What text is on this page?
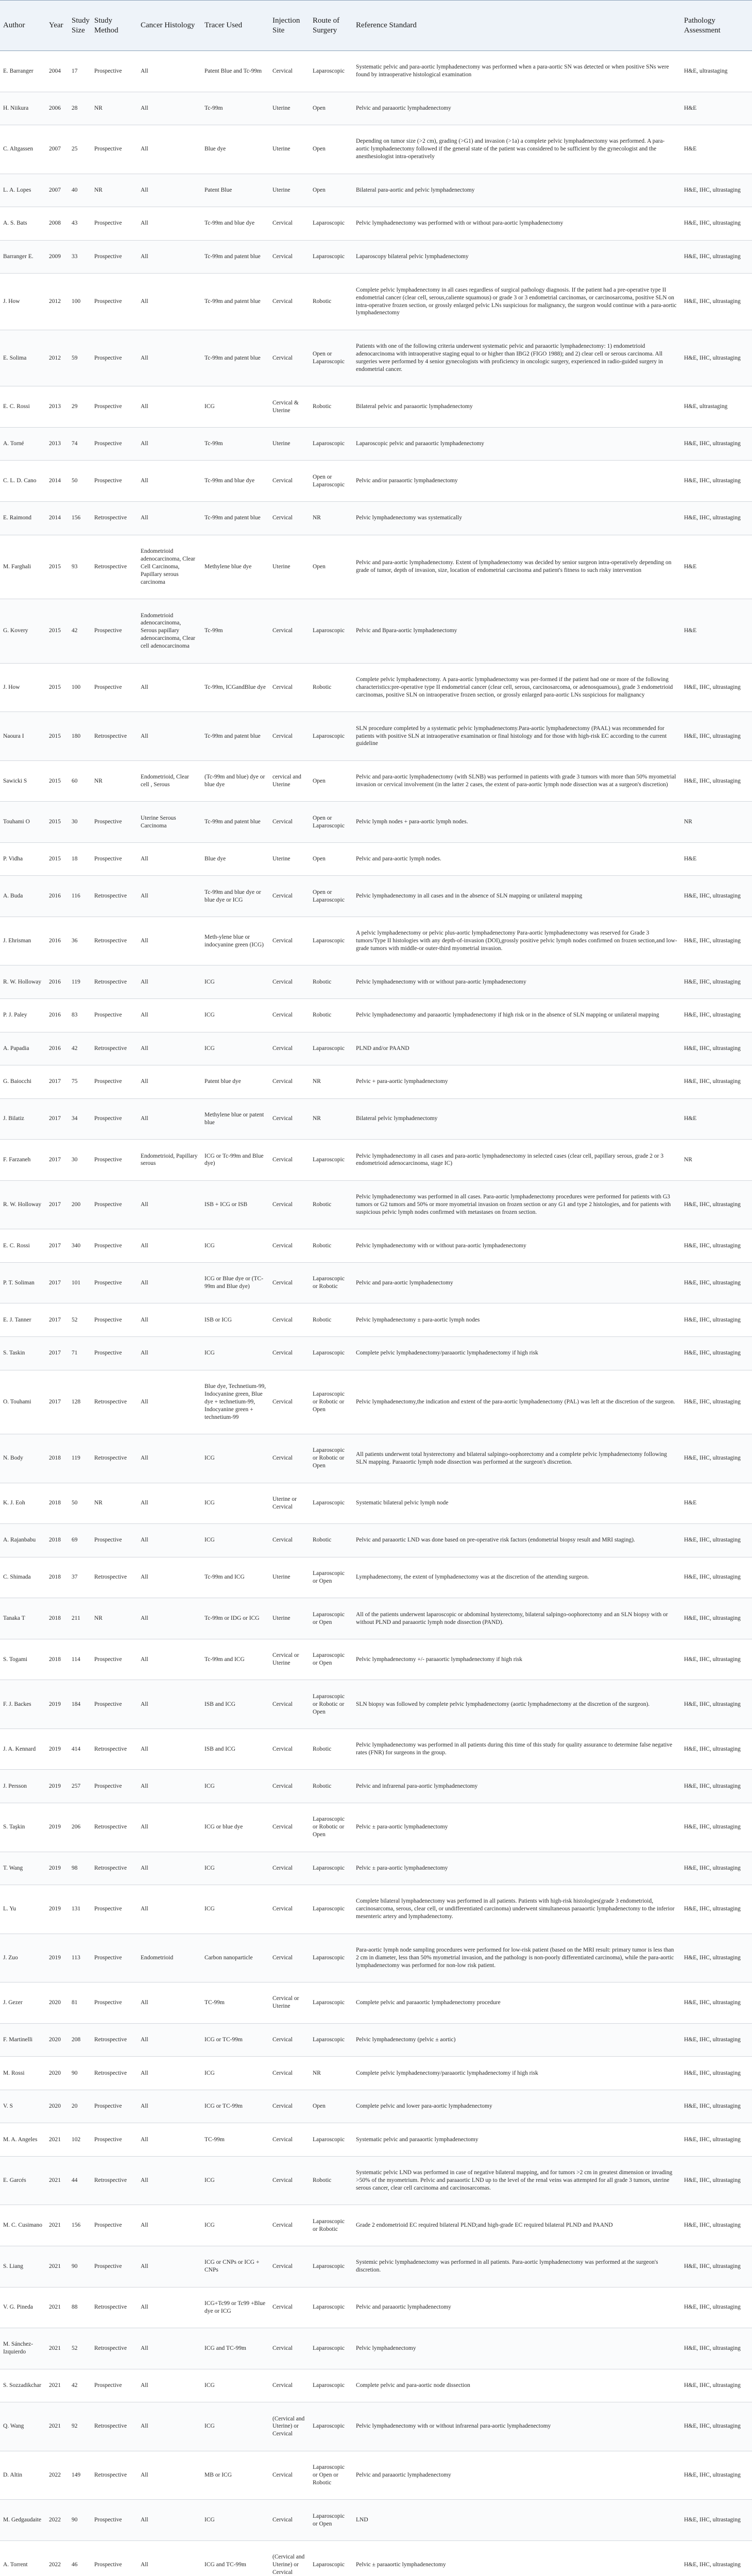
Author	Year	Study Size	Study Method	Cancer Histology	Tracer Used	Injection Site	Route of Surgery	Reference Standard	Pathology Assessment
E. Barranger	2004	17	Prospective	All	Patent Blue and Tc-99m	Cervical	Laparoscopic	Systematic pelvic and para-aortic lymphadenectomy was performed when a para-aortic SN was detected or when positive SNs were found by intraoperative histological examination	H&E, ultrastaging
H. Niikura	2006	28	NR	All	Tc-99m	Uterine	Open	Pelvic and paraaortic lymphadenectomy	H&E
C. Altgassen	2007	25	Prospective	All	Blue dye	Uterine	Open	Depending on tumor size (>2 cm), grading (>G1) and invasion (>1a) a complete pelvic lymphadenectomy was performed. A para-aortic lymphadenectomy followed if the general state of the patient was considered to be sufficient by the gynecologist and the anesthesiologist intra-operatively	H&E
L. A. Lopes	2007	40	NR	All	Patent Blue	Uterine	Open	Bilateral para-aortic and pelvic lymphadenectomy	H&E, IHC, ultrastaging
A. S. Bats	2008	43	Prospective	All	Tc-99m and blue dye	Cervical	Laparoscopic	Pelvic lymphadenectomy was performed with or without para-aortic lymphadenectomy	H&E, IHC, ultrastaging
Barranger E.	2009	33	Prospective	All	Tc-99m and patent blue	Cervical	Laparoscopic	Laparoscopy bilateral pelvic lymphadenectomy	H&E, IHC, ultrastaging
J. How	2012	100	Prospective	All	Tc-99m and patent blue	Cervical	Robotic	Complete pelvic lymphadenectomy in all cases regardless of surgical pathology diagnosis. If the patient had a pre-operative type II endometrial cancer (clear cell, serous,caliente squamous) or grade 3 or 3 endometrial carcinomas, or carcinosarcoma, positive SLN on intra-operative frozen section, or grossly enlarged pelvic LNs suspicious for malignancy, the surgeon would continue with a para-aortic lymphadenectomy	H&E, IHC, ultrastaging
E. Solima	2012	59	Prospective	All	Tc-99m and patent blue	Cervical	Open or Laparoscopic	Patients with one of the following criteria underwent systematic pelvic and paraaortic lymphadenectomy: 1) endometrioid adenocarcinoma with intraoperative staging equal to or higher than IBG2 (FIGO 1988); and 2) clear cell or serous carcinoma. All surgeries were performed by 4 senior gynecologists with proficiency in oncologic surgery, experienced in radio-guided surgery in endometrial cancer.	H&E, IHC, ultrastaging
E. C. Rossi	2013	29	Prospective	All	ICG	Cervical & Uterine	Robotic	Bilateral pelvic and paraaortic lymphadenectomy	H&E, ultrastaging
A. Torné	2013	74	Prospective	All	Tc-99m	Uterine	Laparoscopic	Laparoscopic pelvic and paraaortic lymphadenectomy	H&E, IHC, ultrastaging
C. L. D. Cano	2014	50	Prospective	All	Tc-99m and blue dye	Cervical	Open or Laparoscopic	Pelvic and/or paraaortic lymphadenectomy	H&E, IHC, ultrastaging
E. Raimond	2014	156	Retrospective	All	Tc-99m and patent blue	Cervical	NR	Pelvic lymphadenectomy was systematically	H&E, IHC, ultrastaging
M. Farghali	2015	93	Retrospective	Endometrioid adenocarcinoma, Clear Cell Carcinoma, Papillary serous carcinoma	Methylene blue dye	Uterine	Open	Pelvic and para-aortic lymphadenectomy. Extent of lymphadenectomy was decided by senior surgeon intra-operatively depending on grade of tumor, depth of invasion, size, location of endometrial carcinoma and patient's fitness to such risky intervention	H&E
G. Kovery	2015	42	Prospective	Endometrioid adenocarcinoma, Serous papillary adenocarcinoma, Clear cell adenocarcinoma	Tc-99m	Cervical	Laparoscopic	Pelvic and Bpara-aortic lymphadenectomy	H&E
J. How	2015	100	Prospective	All	Tc-99m, ICGandBlue dye	Cervical	Robotic	Complete pelvic lymphadenectomy. A para-aortic lymphadenectomy was per-formed if the patient had one or more of the following characteristics:pre-operative type II endometrial cancer (clear cell, serous, carcinosarcoma, or adenosquamous), grade 3 endometrioid carcinomas, positive SLN on intraoperative frozen section, or grossly enlarged para-aortic LNs suspicious for malignancy	H&E, IHC, ultrastaging
Naoura I	2015	180	Retrospective	All	Tc-99m and patent blue	Cervical	Laparoscopic	SLN procedure completed by a systematic pelvic lymphadenectomy.Para-aortic lymphadenectomy (PAAL) was recommended for patients with positive SLN at intraoperative examination or final histology and for those with high-risk EC according to the current guideline	H&E, IHC, ultrastaging
Sawicki S	2015	60	NR	Endometrioid, Clear cell , Serous	(Tc-99m and blue) dye or blue dye	cervical and Uterine	Open	Pelvic and para-aortic lymphadenectomy (with SLNB) was performed in patients with grade 3 tumors with more than 50% myometrial invasion or cervical involvement (in the latter 2 cases, the extent of para-aortic lymph node dissection was at a surgeon's discretion)	H&E, IHC, ultrastaging
Touhami O	2015	30	Prospective	Uterine Serous Carcinoma	Tc-99m and patent blue	Cervical	Open or Laparoscopic	Pelvic lymph nodes + para-aortic lymph nodes.	NR
P. Vidha	2015	18	Prospective	All	Blue dye	Uterine	Open	Pelvic and para-aortic lymph nodes.	H&E
A. Buda	2016	116	Retrospective	All	Tc-99m and blue dye or blue dye or ICG	Cervical	Open or Laparoscopic	Pelvic lymphadenectomy in all cases and in the absence of SLN mapping or unilateral mapping	H&E, IHC, ultrastaging
J. Ehrisman	2016	36	Retrospective	All	Meth-ylene blue or indocyanine green (ICG)	Cervical	Laparoscopic	A pelvic lymphadenectomy or pelvic plus-aortic lymphadenectomy Para-aortic lymphadenectomy was reserved for Grade 3 tumors/Type II histologies with any depth-of-invasion (DOI),grossly positive pelvic lymph nodes confirmed on frozen section,and low-grade tumors with middle-or outer-third myometrial invasion.	H&E, IHC, ultrastaging
R. W. Holloway	2016	119	Retrospective	All	ICG	Cervical	Robotic	Pelvic lymphadenectomy with or without para-aortic lymphadenectomy	H&E, IHC, ultrastaging
P. J. Paley	2016	83	Prospective	All	ICG	Cervical	Robotic	Pelvic lymphadenectomy and paraaortic lymphadenectomy if high risk or in the absence of SLN mapping or unilateral mapping	H&E, IHC, ultrastaging
A. Papadia	2016	42	Retrospective	All	ICG	Cervical	Laparoscopic	PLND and/or PAAND	H&E, IHC, ultrastaging
G. Baiocchi	2017	75	Prospective	All	Patent blue dye	Cervical	NR	Pelvic + para-aortic lymphadenectomy	H&E, IHC, ultrastaging
J. Bilatiz	2017	34	Prospective	All	Methylene blue or patent blue	Cervical	NR	Bilateral pelvic lymphadenectomy	H&E
F. Farzaneh	2017	30	Prospective	Endometrioid, Papillary serous	ICG or Tc-99m and Blue dye)	Cervical	Laparoscopic	Pelvic lymphadenectomy in all cases and para-aortic lymphadenectomy in selected cases (clear cell, papillary serous, grade 2 or 3 endometrioid adenocarcinoma, stage IC)	NR
R. W. Holloway	2017	200	Prospective	All	ISB + ICG or ISB	Cervical	Robotic	Pelvic lymphadenectomy was performed in all cases. Para-aortic lymphadenectomy procedures were performed for patients with G3 tumors or G2 tumors and 50% or more myometrial invasion on frozen section or any G1 and type 2 histologies, and for patients with suspicious pelvic lymph nodes confirmed with metastases on frozen section.	H&E, IHC, ultrastaging
E. C. Rossi	2017	340	Prospective	All	ICG	Cervical	Robotic	Pelvic lymphadenectomy with or without para-aortic lymphadenectomy	H&E, IHC, ultrastaging
P. T. Soliman	2017	101	Prospective	All	ICG or Blue dye or (TC-99m and Blue dye)	Cervical	Laparoscopic or Robotic	Pelvic and para-aortic lymphadenectomy	H&E, IHC, ultrastaging
E. J. Tanner	2017	52	Prospective	All	ISB or ICG	Cervical	Robotic	Pelvic lymphadenectomy ± para-aortic lymph nodes	H&E, IHC, ultrastaging
S. Taskin	2017	71	Prospective	All	ICG	Cervical	Laparoscopic	Complete pelvic lymphadenectomy/paraaortic lymphadenectomy if high risk	H&E, IHC, ultrastaging
O. Touhami	2017	128	Retrospective	All	Blue dye, Technetium-99, Indocyanine green, Blue dye + technetium-99, Indocyanine green + technetium-99	Cervical	Laparoscopic or Robotic or Open	Pelvic lymphadenectomy,the indication and extent of the para-aortic lymphadenectomy (PAL) was left at the discretion of the surgeon.	H&E, IHC, ultrastaging
N. Body	2018	119	Retrospective	All	ICG	Cervical	Laparoscopic or Robotic or Open	All patients underwent total hysterectomy and bilateral salpingo-oophorectomy and a complete pelvic lymphadenectomy following SLN mapping. Paraaortic lymph node dissection was performed at the surgeon's discretion.	H&E, IHC, ultrastaging
K. J. Eoh	2018	50	NR	All	ICG	Uterine or Cervical	Laparoscopic	Systematic bilateral pelvic lymph node	H&E
A. Rajanbabu	2018	69	Prospective	All	ICG	Cervical	Robotic	Pelvic and paraaortic LND was done based on pre-operative risk factors (endometrial biopsy result and MRI staging).	H&E, IHC, ultrastaging
C. Shimada	2018	37	Retrospective	All	Tc-99m and ICG	Uterine	Laparoscopic or Open	Lymphadenectomy, the extent of lymphadenectomy was at the discretion of the attending surgeon.	H&E, IHC, ultrastaging
Tanaka T	2018	211	NR	All	Tc-99m or IDG or ICG	Uterine	Laparoscopic or Open	All of the patients underwent laparoscopic or abdominal hysterectomy, bilateral salpingo-oophorectomy and an SLN biopsy with or without PLND and paraaortic lymph node dissection (PAND).	H&E, IHC, ultrastaging
S. Togami	2018	114	Prospective	All	Tc-99m and ICG	Cervical or Uterine	Laparoscopic or Open	Pelvic lymphadenectomy +/- paraaortic lymphadenectomy if high risk	H&E, IHC, ultrastaging
F. J. Backes	2019	184	Prospective	All	ISB and ICG	Cervical	Laparoscopic or Robotic or Open	SLN biopsy was followed by complete pelvic lymphadenectomy (aortic lymphadenectomy at the discretion of the surgeon).	H&E, IHC, ultrastaging
J. A. Kennard	2019	414	Retrospective	All	ISB and ICG	Cervical	Robotic	Pelvic lymphadenectomy was performed in all patients during this time of this study for quality assurance to determine false negative rates (FNR) for surgeons in the group.	H&E, IHC, ultrastaging
J. Persson	2019	257	Prospective	All	ICG	Cervical	Robotic	Pelvic and infrarenal para-aortic lymphadenectomy	H&E, IHC, ultrastaging
S. Taşkin	2019	206	Retrospective	All	ICG or blue dye	Cervical	Laparoscopic or Robotic or Open	Pelvic ± para-aortic lymphadenectomy	H&E, IHC, ultrastaging
T. Wang	2019	98	Retrospective	All	ICG	Cervical	Laparoscopic	Pelvic ± para-aortic lymphadenectomy	H&E, IHC, ultrastaging
L. Yu	2019	131	Prospective	All	ICG	Cervical	Laparoscopic	Complete bilateral lymphadenectomy was performed in all patients. Patients with high-risk histologies(grade 3 endometrioid, carcinosarcoma, serous, clear cell, or undifferentiated carcinoma) underwent simultaneous paraaortic lymphadenectomy to the inferior mesenteric artery and lymphadenectomy.	H&E, IHC, ultrastaging
J. Zuo	2019	113	Prospective	Endometrioid	Carbon nanoparticle	Cervical	Laparoscopic	Para-aortic lymph node sampling procedures were performed for low-risk patient (based on the MRI result: primary tumor is less than 2 cm in diameter, less than 50% myometrial invasion, and the pathology is non-poorly differentiated carcinoma), while the para-aortic lymphadenectomy was performed for non-low risk patient.	H&E, IHC, ultrastaging
J. Gezer	2020	81	Prospective	All	TC-99m	Cervical or Uterine	Laparoscopic	Complete pelvic and paraaortic lymphadenectomy procedure	H&E, IHC, ultrastaging
F. Martinelli	2020	208	Retrospective	All	ICG or TC-99m	Cervical	Laparoscopic	Pelvic lymphadenectomy (pelvic ± aortic)	H&E, IHC, ultrastaging
M. Rossi	2020	90	Retrospective	All	ICG	Cervical	NR	Complete pelvic lymphadenectomy/paraaortic lymphadenectomy if high risk	H&E, IHC, ultrastaging
V. S	2020	20	Prospective	All	ICG or TC-99m	Cervical	Open	Complete pelvic and lower para-aortic lymphadenectomy	H&E, IHC, ultrastaging
M. A. Angeles	2021	102	Prospective	All	TC-99m	Cervical	Laparoscopic	Systematic pelvic and paraaortic lymphadenectomy	H&E, IHC, ultrastaging
E. Garcés	2021	44	Retrospective	All	ICG	Cervical	Robotic	Systematic pelvic LND was performed in case of negative bilateral mapping, and for tumors >2 cm in greatest dimension or invading >50% of the myometrium. Pelvic and paraaortic LND up to the level of the renal veins was attempted for all grade 3 tumors, uterine serous cancer, clear cell carcinoma and carcinosarcomas.	H&E, IHC, ultrastaging
M. C. Cusimano	2021	156	Prospective	All	ICG	Cervical	Laparoscopic or Robotic	Grade 2 endometrioid EC required bilateral PLND;and high-grade EC required bilateral PLND and PAAND	H&E, IHC, ultrastaging
S. Liang	2021	90	Prospective	All	ICG or CNPs or ICG + CNPs	Cervical	Laparoscopic	Systemic pelvic lymphadenectomy was performed in all patients. Para-aortic lymphadenectomy was performed at the surgeon's discretion.	H&E, IHC, ultrastaging
V. G. Pineda	2021	88	Retrospective	All	ICG+Tc99 or Tc99 +Blue dye or ICG	Cervical	Laparoscopic	Pelvic and paraaortic lymphadenectomy	H&E, IHC, ultrastaging
M. Sánchez-Izquierdo	2021	52	Retrospective	All	ICG and TC-99m	Cervical	Laparoscopic	Pelvic lymphadenectomy	H&E, IHC, ultrastaging
S. Sozzadikchar	2021	42	Prospective	All	ICG	Cervical	Laparoscopic	Complete pelvic and para-aortic node dissection	H&E, IHC, ultrastaging
Q. Wang	2021	92	Retrospective	All	ICG	(Cervical and Uterine) or Cervical	Laparoscopic	Pelvic lymphadenectomy with or without infrarenal para-aortic lymphadenectomy	H&E, IHC, ultrastaging
D. Altin	2022	149	Retrospective	All	MB or ICG	Cervical	Laparoscopic or Open or Robotic	Pelvic and paraaortic lymphadenectomy	H&E, IHC, ultrastaging
M. Gedgaudaite	2022	90	Prospective	All	ICG	Cervical	Laparoscopic or Open	LND	H&E, IHC, ultrastaging
A. Torrent	2022	46	Prospective	All	ICG and TC-99m	(Cervical and Uterine) or Cervical	Laparoscopic	Pelvic ± paraaortic lymphadenectomy	H&E, IHC, ultrastaging
